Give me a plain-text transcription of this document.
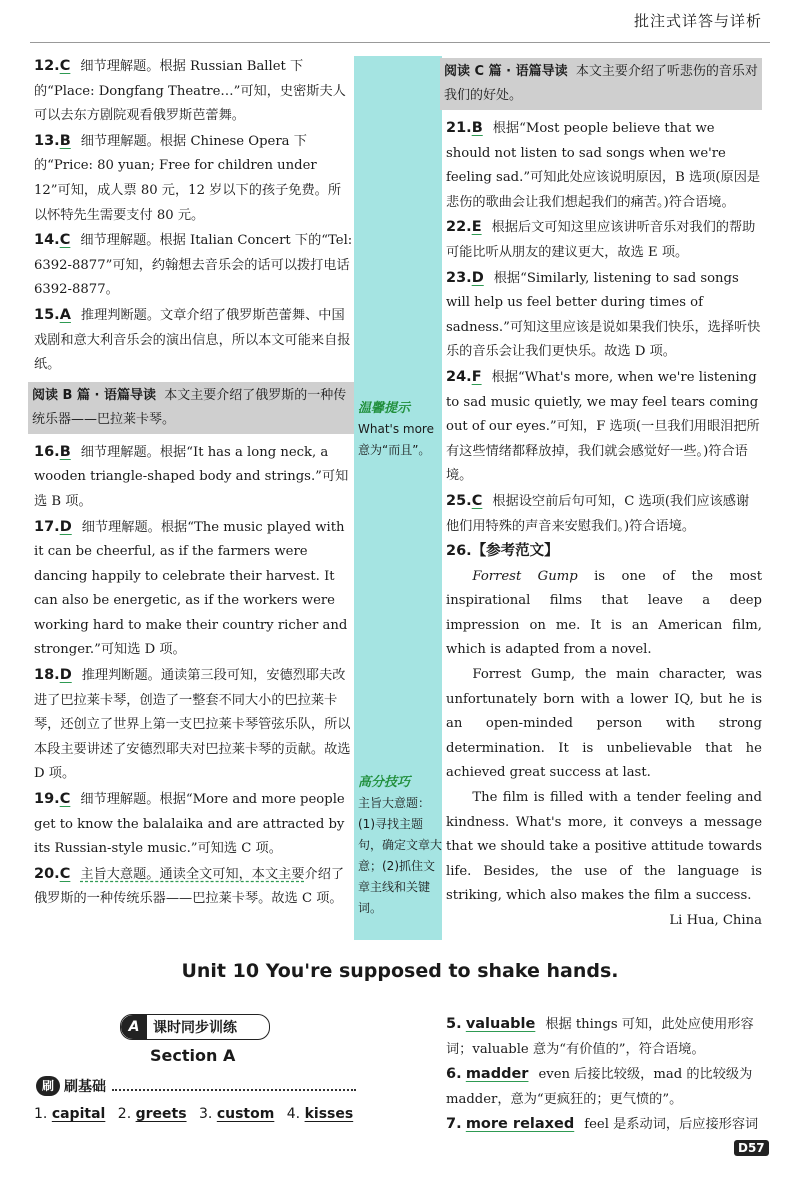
批注式详答与详析
温馨提示
What's more 意为“而且”。
高分技巧
主旨大意题：(1)寻找主题句，确定文章大意；(2)抓住文章主线和关键词。

12.C 细节理解题。根据 Russian Ballet 下的“Place: Dongfang Theatre…”可知，史密斯夫人可以去东方剧院观看俄罗斯芭蕾舞。

13.B 细节理解题。根据 Chinese Opera 下的“Price: 80 yuan; Free for children under 12”可知，成人票 80 元，12 岁以下的孩子免费。所以怀特先生需要支付 80 元。

14.C 细节理解题。根据 Italian Concert 下的“Tel: 6392-8877”可知，约翰想去音乐会的话可以拨打电话 6392-8877。

15.A 推理判断题。文章介绍了俄罗斯芭蕾舞、中国戏剧和意大利音乐会的演出信息，所以本文可能来自报纸。

阅读 B 篇 · 语篇导读 本文主要介绍了俄罗斯的一种传统乐器——巴拉莱卡琴。

16.B 细节理解题。根据“It has a long neck, a wooden triangle-shaped body and strings.”可知选 B 项。

17.D 细节理解题。根据“The music played with it can be cheerful, as if the farmers were dancing happily to celebrate their harvest. It can also be energetic, as if the workers were working hard to make their country richer and stronger.”可知选 D 项。

18.D 推理判断题。通读第三段可知，安德烈耶夫改进了巴拉莱卡琴，创造了一整套不同大小的巴拉莱卡琴，还创立了世界上第一支巴拉莱卡琴管弦乐队，所以本段主要讲述了安德烈耶夫对巴拉莱卡琴的贡献。故选 D 项。

19.C 细节理解题。根据“More and more people get to know the balalaika and are attracted by its Russian-style music.”可知选 C 项。

20.C 主旨大意题。通读全文可知，本文主要介绍了俄罗斯的一种传统乐器——巴拉莱卡琴。故选 C 项。

阅读 C 篇 · 语篇导读 本文主要介绍了听悲伤的音乐对我们的好处。

21.B 根据“Most people believe that we should not listen to sad songs when we're feeling sad.”可知此处应该说明原因，B 选项(原因是悲伤的歌曲会让我们想起我们的痛苦。)符合语境。

22.E 根据后文可知这里应该讲听音乐对我们的帮助可能比听从朋友的建议更大，故选 E 项。

23.D 根据“Similarly, listening to sad songs will help us feel better during times of sadness.”可知这里应该是说如果我们快乐，选择听快乐的音乐会让我们更快乐。故选 D 项。

24.F 根据“What's more, when we're listening to sad music quietly, we may feel tears coming out of our eyes.”可知，F 选项(一旦我们用眼泪把所有这些情绪都释放掉，我们就会感觉好一些。)符合语境。

25.C 根据设空前后句可知，C 选项(我们应该感谢他们用特殊的声音来安慰我们。)符合语境。

26.【参考范文】

Forrest Gump is one of the most inspirational films that leave a deep impression on me. It is an American film, which is adapted from a novel.

Forrest Gump, the main character, was unfortunately born with a lower IQ, but he is an open-minded person with strong determination. It is unbelievable that he achieved great success at last.

The film is filled with a tender feeling and kindness. What's more, it conveys a message that we should take a positive attitude towards life. Besides, the use of the language is striking, which also makes the film a success.

Li Hua, China

Unit 10 You're supposed to shake hands.
A 课时同步训练
Section A
刷 刷基础
1. capital 2. greets 3. custom 4. kisses

5. valuable 根据 things 可知，此处应使用形容词；valuable 意为“有价值的”，符合语境。

6. madder even 后接比较级，mad 的比较级为 madder，意为“更疯狂的；更气愤的”。

7. more relaxed feel 是系动词，后应接形容词

D57
